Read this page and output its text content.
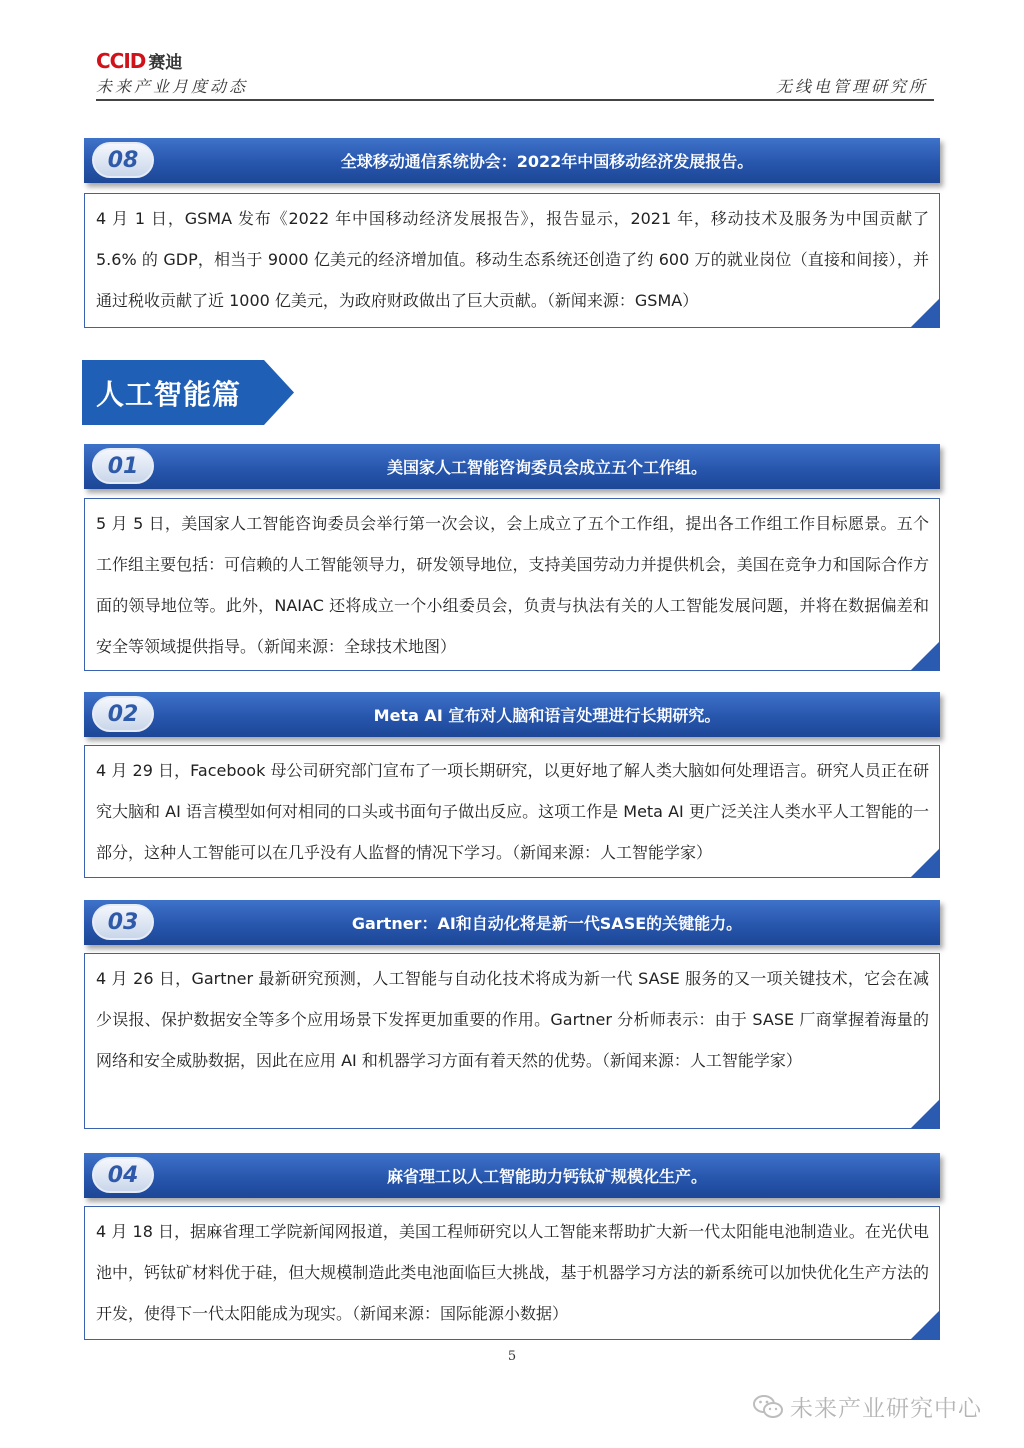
CCID 赛迪
未来产业月度动态	无线电管理研究所
08	全球移动通信系统协会：2022年中国移动经济发展报告。
4 月 1 日，GSMA 发布《2022 年中国移动经济发展报告》，报告显示，2021 年，移动技术及服务为中国贡献了 5.6% 的 GDP，相当于 9000 亿美元的经济增加值。移动生态系统还创造了约 600 万的就业岗位（直接和间接），并通过税收贡献了近 1000 亿美元，为政府财政做出了巨大贡献。（新闻来源：GSMA）
人工智能篇
01	美国家人工智能咨询委员会成立五个工作组。
5 月 5 日，美国家人工智能咨询委员会举行第一次会议，会上成立了五个工作组，提出各工作组工作目标愿景。五个工作组主要包括：可信赖的人工智能领导力，研发领导地位，支持美国劳动力并提供机会，美国在竞争力和国际合作方面的领导地位等。此外，NAIAC 还将成立一个小组委员会，负责与执法有关的人工智能发展问题，并将在数据偏差和安全等领域提供指导。（新闻来源：全球技术地图）
02	Meta AI 宣布对人脑和语言处理进行长期研究。
4 月 29 日，Facebook 母公司研究部门宣布了一项长期研究，以更好地了解人类大脑如何处理语言。研究人员正在研究大脑和 AI 语言模型如何对相同的口头或书面句子做出反应。这项工作是 Meta AI 更广泛关注人类水平人工智能的一部分，这种人工智能可以在几乎没有人监督的情况下学习。（新闻来源：人工智能学家）
03	Gartner：AI和自动化将是新一代SASE的关键能力。
4 月 26 日，Gartner 最新研究预测，人工智能与自动化技术将成为新一代 SASE 服务的又一项关键技术，它会在减少误报、保护数据安全等多个应用场景下发挥更加重要的作用。Gartner 分析师表示：由于 SASE 厂商掌握着海量的网络和安全威胁数据，因此在应用 AI 和机器学习方面有着天然的优势。（新闻来源：人工智能学家）
04	麻省理工以人工智能助力钙钛矿规模化生产。
4 月 18 日，据麻省理工学院新闻网报道，美国工程师研究以人工智能来帮助扩大新一代太阳能电池制造业。在光伏电池中，钙钛矿材料优于硅，但大规模制造此类电池面临巨大挑战，基于机器学习方法的新系统可以加快优化生产方法的开发，使得下一代太阳能成为现实。（新闻来源：国际能源小数据）
5
未来产业研究中心
